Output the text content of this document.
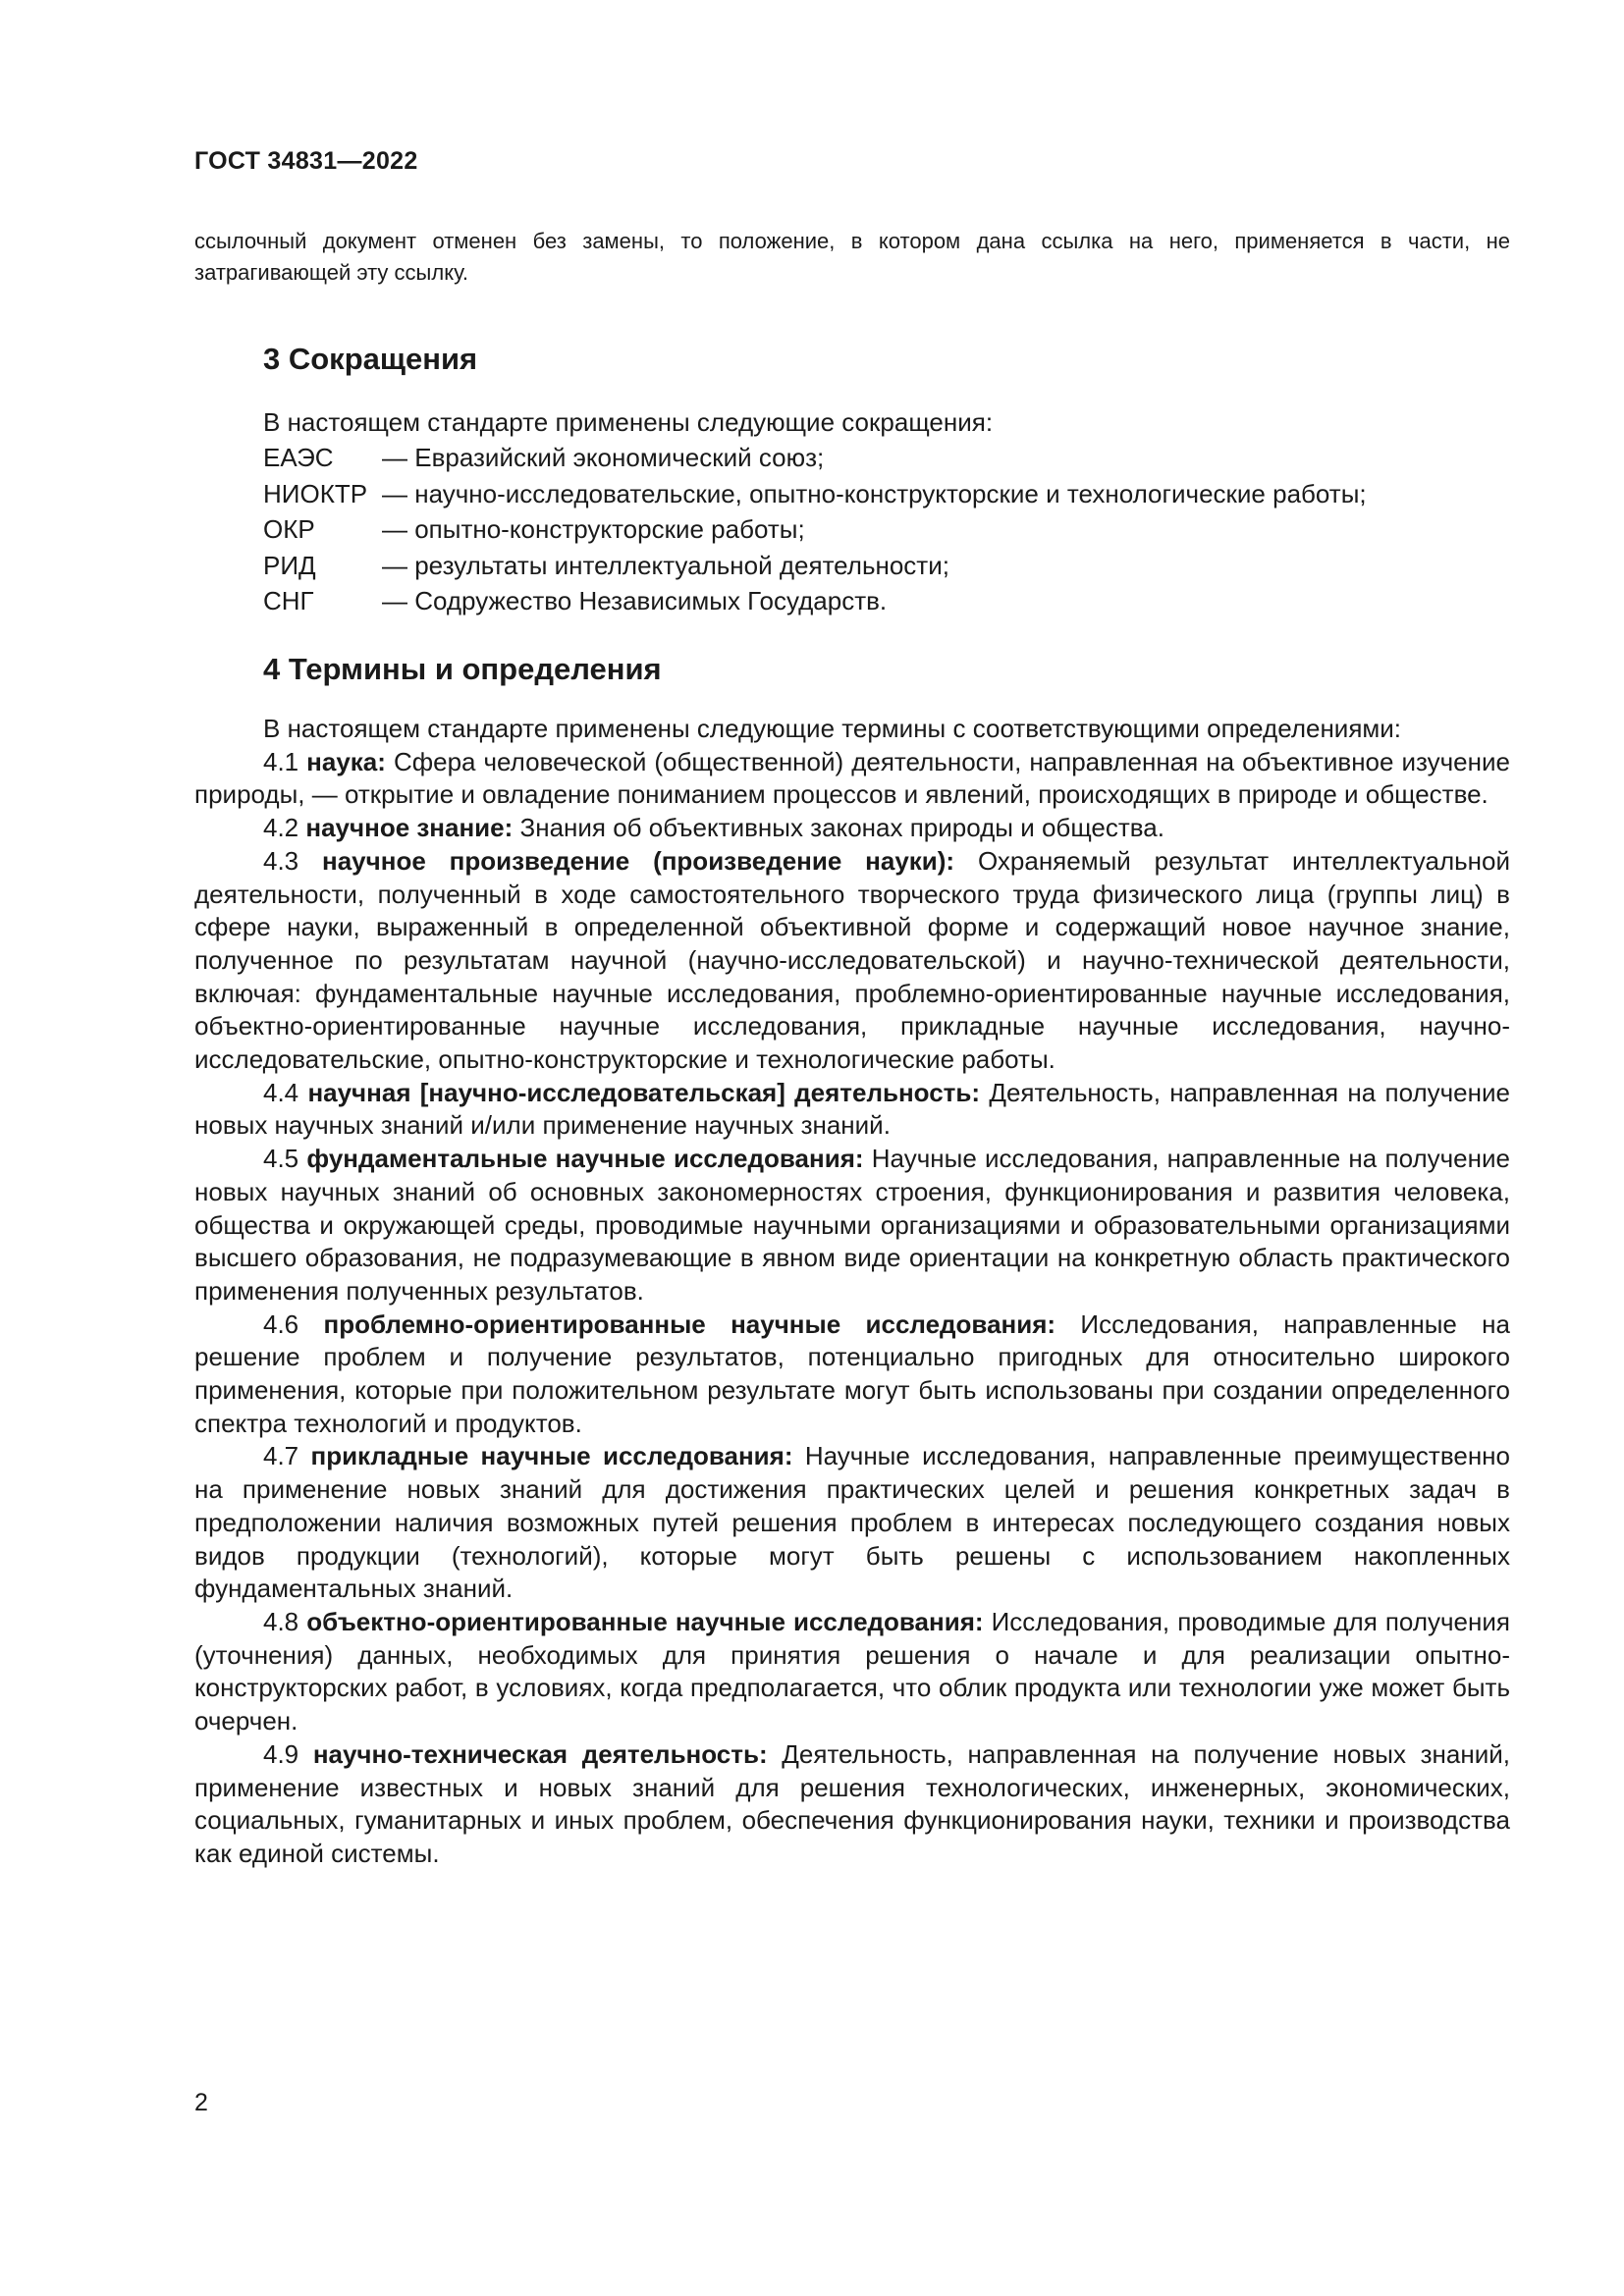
ГОСТ 34831—2022

ссылочный документ отменен без замены, то положение, в котором дана ссылка на него, применяется в части, не затрагивающей эту ссылку.

3 Сокращения

В настоящем стандарте применены следующие сокращения:

ЕАЭС	— Евразийский экономический союз;
НИОКТР — научно-исследовательские, опытно-конструкторские и технологические работы;
ОКР	— опытно-конструкторские работы;
РИД	— результаты интеллектуальной деятельности;
СНГ	— Содружество Независимых Государств.
4 Термины и определения

В настоящем стандарте применены следующие термины с соответствующими определениями:

4.1 наука: Сфера человеческой (общественной) деятельности, направленная на объективное изучение природы, — открытие и овладение пониманием процессов и явлений, происходящих в природе и обществе.

4.2 научное знание: Знания об объективных законах природы и общества.

4.3 научное произведение (произведение науки): Охраняемый результат интеллектуальной деятельности, полученный в ходе самостоятельного творческого труда физического лица (группы лиц) в сфере науки, выраженный в определенной объективной форме и содержащий новое научное знание, полученное по результатам научной (научно-исследовательской) и научно-технической деятельности, включая: фундаментальные научные исследования, проблемно-ориентированные научные исследования, объектно-ориентированные научные исследования, прикладные научные исследования, научно-исследовательские, опытно-конструкторские и технологические работы.

4.4 научная [научно-исследовательская] деятельность: Деятельность, направленная на получение новых научных знаний и/или применение научных знаний.

4.5 фундаментальные научные исследования: Научные исследования, направленные на получение новых научных знаний об основных закономерностях строения, функционирования и развития человека, общества и окружающей среды, проводимые научными организациями и образовательными организациями высшего образования, не подразумевающие в явном виде ориентации на конкретную область практического применения полученных результатов.

4.6 проблемно-ориентированные научные исследования: Исследования, направленные на решение проблем и получение результатов, потенциально пригодных для относительно широкого применения, которые при положительном результате могут быть использованы при создании определенного спектра технологий и продуктов.

4.7 прикладные научные исследования: Научные исследования, направленные преимущественно на применение новых знаний для достижения практических целей и решения конкретных задач в предположении наличия возможных путей решения проблем в интересах последующего создания новых видов продукции (технологий), которые могут быть решены с использованием накопленных фундаментальных знаний.

4.8 объектно-ориентированные научные исследования: Исследования, проводимые для получения (уточнения) данных, необходимых для принятия решения о начале и для реализации опытно-конструкторских работ, в условиях, когда предполагается, что облик продукта или технологии уже может быть очерчен.

4.9 научно-техническая деятельность: Деятельность, направленная на получение новых знаний, применение известных и новых знаний для решения технологических, инженерных, экономических, социальных, гуманитарных и иных проблем, обеспечения функционирования науки, техники и производства как единой системы.

2
